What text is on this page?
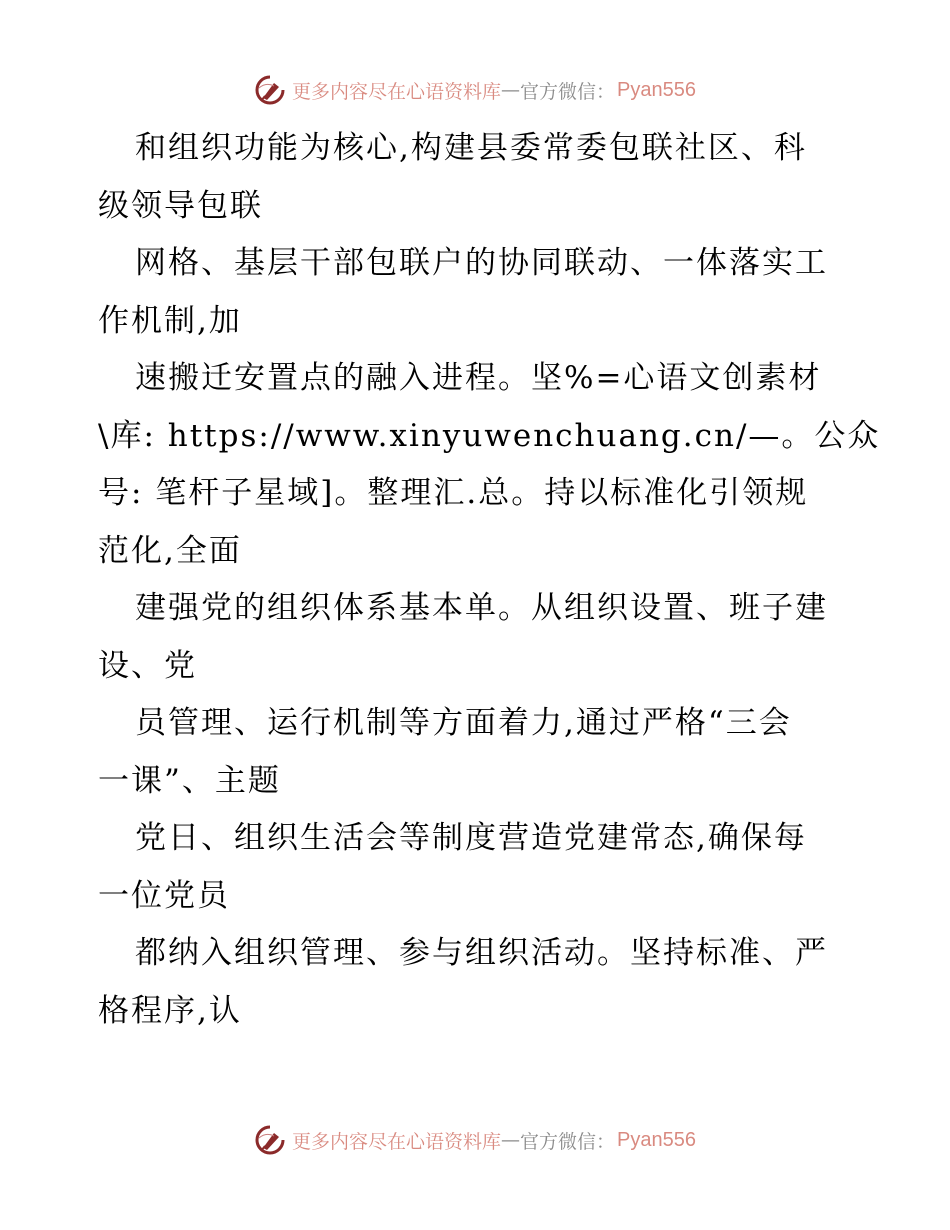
更多内容尽在心语资料库 — 官方微信： Pyan556
和组织功能为核心,构建县委常委包联社区、科
级领导包联
网格、基层干部包联户的协同联动、一体落实工
作机制,加
速搬迁安置点的融入进程。坚%=心语文创素材
\库: https://www.xinyuwenchuang.cn/—。公众
号: 笔杆子星域]。整理汇.总。持以标准化引领规
范化,全面
建强党的组织体系基本单。从组织设置、班子建
设、党
员管理、运行机制等方面着力,通过严格“三会
一课”、主题
党日、组织生活会等制度营造党建常态,确保每
一位党员
都纳入组织管理、参与组织活动。坚持标准、严
格程序,认
更多内容尽在心语资料库 — 官方微信： Pyan556
